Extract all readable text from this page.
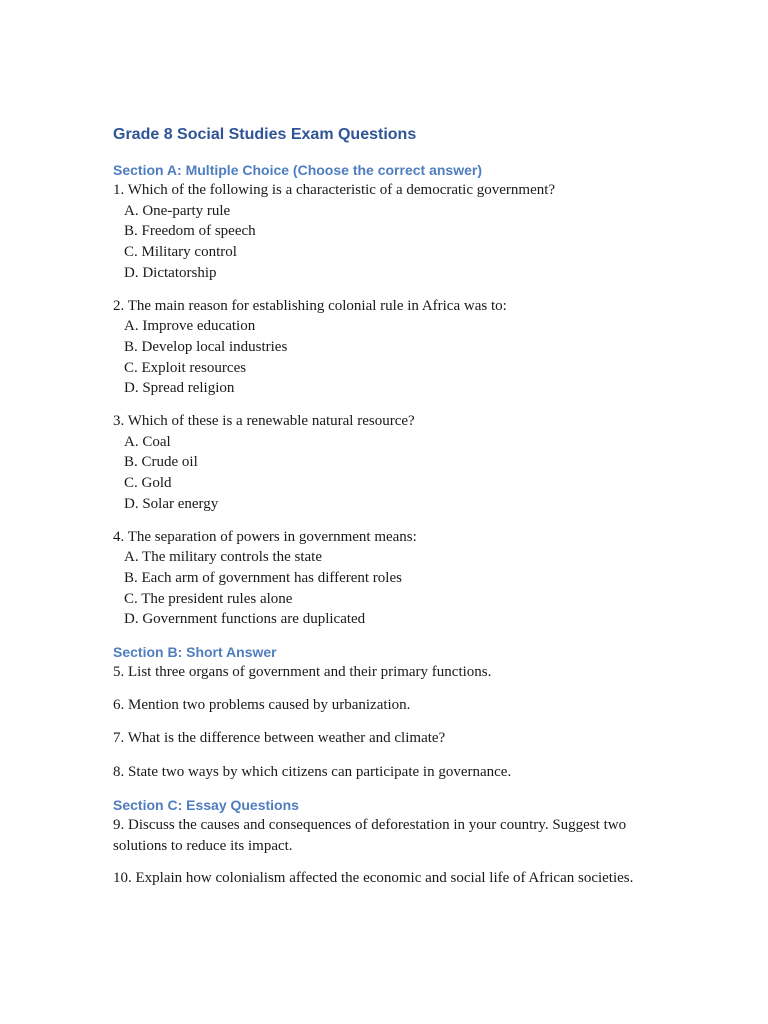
Grade 8 Social Studies Exam Questions
Section A: Multiple Choice (Choose the correct answer)

1. Which of the following is a characteristic of a democratic government?

A. One-party rule
B. Freedom of speech
C. Military control
D. Dictatorship

2. The main reason for establishing colonial rule in Africa was to:

A. Improve education
B. Develop local industries
C. Exploit resources
D. Spread religion

3. Which of these is a renewable natural resource?

A. Coal
B. Crude oil
C. Gold
D. Solar energy

4. The separation of powers in government means:

A. The military controls the state
B. Each arm of government has different roles
C. The president rules alone
D. Government functions are duplicated
Section B: Short Answer

5. List three organs of government and their primary functions.

6. Mention two problems caused by urbanization.

7. What is the difference between weather and climate?

8. State two ways by which citizens can participate in governance.

Section C: Essay Questions

9. Discuss the causes and consequences of deforestation in your country. Suggest two solutions to reduce its impact.

10. Explain how colonialism affected the economic and social life of African societies.
